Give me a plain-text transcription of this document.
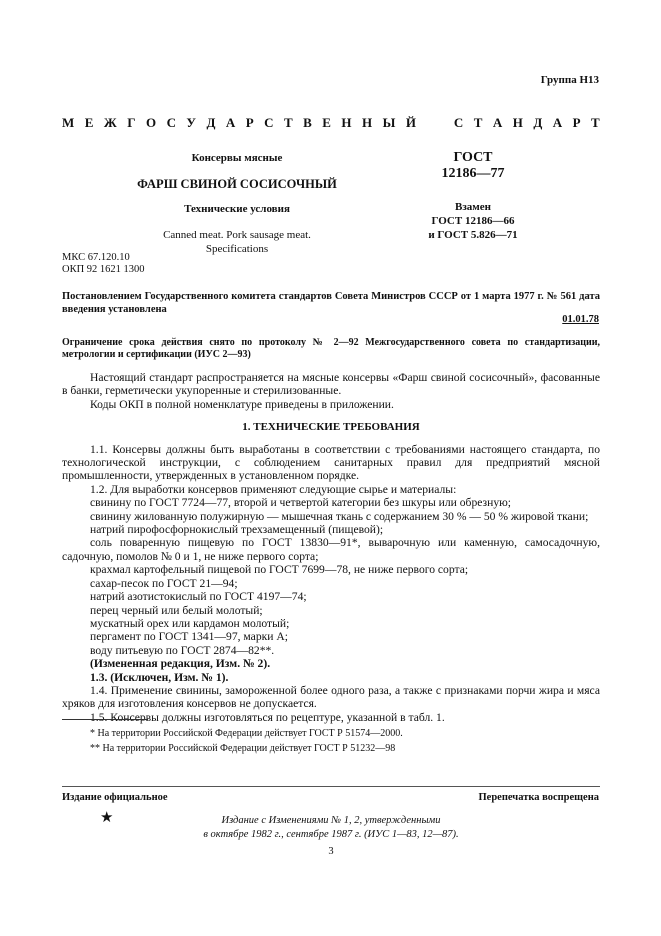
Группа Н13
М Е Ж Г О С У Д А Р С Т В Е Н Н Ы Й

	С Т А Н Д А Р Т
Консервы мясные
ФАРШ СВИНОЙ СОСИСОЧНЫЙ
Технические условия
Canned meat. Pork sausage meat.
Specifications
МКС 67.120.10
ОКП 92 1621 1300
ГОСТ
12186—77
Взамен
ГОСТ 12186—66
и ГОСТ 5.826—71
Постановлением Государственного комитета стандартов Совета Министров СССР от 1 марта 1977 г. № 561 дата введения установлена
01.01.78
Ограничение срока действия снято по протоколу № 2—92 Межгосударственного совета по стандартизации, метрологии и сертификации (ИУС 2—93)

Настоящий стандарт распространяется на мясные консервы «Фарш свиной сосисочный», фасованные в банки, герметически укупоренные и стерилизованные.

Коды ОКП в полной номенклатуре приведены в приложении.

1. ТЕХНИЧЕСКИЕ ТРЕБОВАНИЯ

1.1. Консервы должны быть выработаны в соответствии с требованиями настоящего стандарта, по технологической инструкции, с соблюдением санитарных правил для предприятий мясной промышленности, утвержденных в установленном порядке.

1.2. Для выработки консервов применяют следующие сырье и материалы:

свинину по ГОСТ 7724—77, второй и четвертой категории без шкуры или обрезную;

свинину жилованную полужирную — мышечная ткань с содержанием 30 % — 50 % жировой ткани;

натрий пирофосфорнокислый трехзамещенный (пищевой);

соль поваренную пищевую по ГОСТ 13830—91*, выварочную или каменную, самосадочную, садочную, помолов № 0 и 1, не ниже первого сорта;

крахмал картофельный пищевой по ГОСТ 7699—78, не ниже первого сорта;

сахар-песок по ГОСТ 21—94;

натрий азотистокислый по ГОСТ 4197—74;

перец черный или белый молотый;

мускатный орех или кардамон молотый;

пергамент по ГОСТ 1341—97, марки А;

воду питьевую по ГОСТ 2874—82**.

(Измененная редакция, Изм. № 2).

1.3. (Исключен, Изм. № 1).

1.4. Применение свинины, замороженной более одного раза, а также с признаками порчи жира и мяса хряков для изготовления консервов не допускается.

1.5. Консервы должны изготовляться по рецептуре, указанной в табл. 1.

* На территории Российской Федерации действует ГОСТ Р 51574—2000.
** На территории Российской Федерации действует ГОСТ Р 51232—98
Издание официальное	Перепечатка воспрещена
★	Издание с Изменениями № 1, 2, утвержденными
в октябре 1982 г., сентябре 1987 г. (ИУС 1—83, 12—87).
3
